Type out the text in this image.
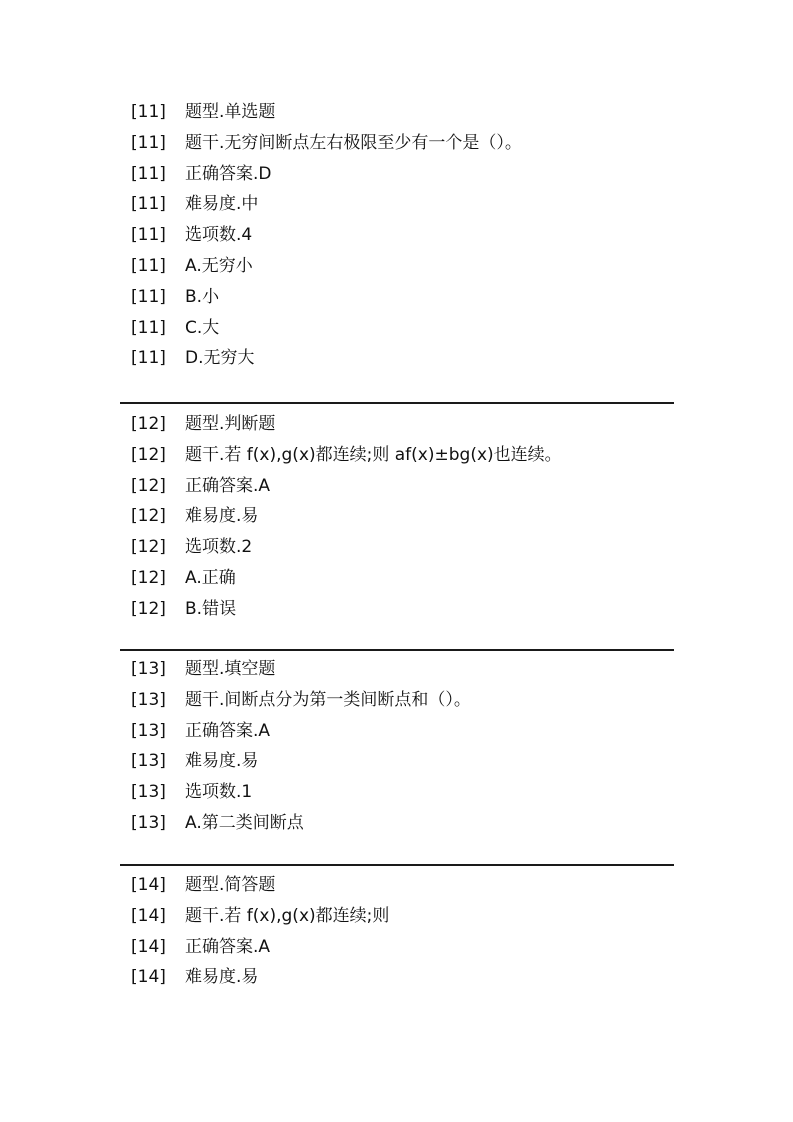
[11]	题型.单选题
[11]	题干.无穷间断点左右极限至少有一个是（）。
[11]	正确答案.D
[11]	难易度.中
[11]	选项数.4
[11]	A.无穷小
[11]	B.小
[11]	C.大
[11]	D.无穷大
[12]	题型.判断题
[12]	题干.若 f(x),g(x)都连续;则 af(x)±bg(x)也连续。
[12]	正确答案.A
[12]	难易度.易
[12]	选项数.2
[12]	A.正确
[12]	B.错误
[13]	题型.填空题
[13]	题干.间断点分为第一类间断点和（）。
[13]	正确答案.A
[13]	难易度.易
[13]	选项数.1
[13]	A.第二类间断点
[14]	题型.简答题
[14]	题干.若 f(x),g(x)都连续;则
[14]	正确答案.A
[14]	难易度.易
